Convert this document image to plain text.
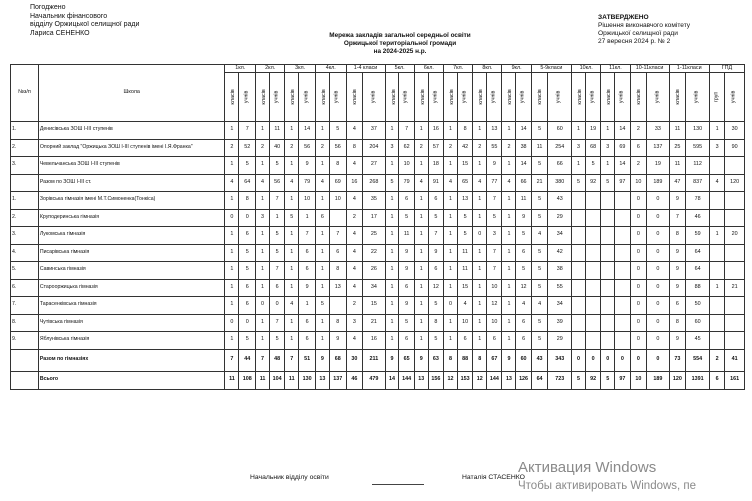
Погоджено
Начальник фінансового
відділу Оржицької селищної ради
Лариса СЕНЕНКО	Мережа закладів загальної середньої освіти
Оржицької територіальної громади
на 2024-2025 н.р.
ЗАТВЕРДЖЕНО
Рішення виконавчого комітету
Оржицької селищної ради
27 вересня 2024 р. № 2
№з/п	Школа	1кл.		2кл.		3кл.		4кл.		1-4 класи		5кл.		6кл.		7кл.		8кл.		9кл.		5-9класи		10кл.		11кл.		10-11класи		1-11класи		ГПД	
		класів	учнів	класів	учнів	класів	учнів	класів	учнів	класів	учнів	класів	учнів	класів	учнів	класів	учнів	класів	учнів	класів	учнів	класів	учнів	класів	учнів	класів	учнів	класів	учнів	класів	учнів	груп	учнів
1.	Денисівська ЗОШ I-III ступенів	1	7	1	11	1	14	1	5	4	37	1	7	1	16	1	8	1	13	1	14	5	60	1	19	1	14	2	33	11	130	1	30
2.	Опорний заклад "Оржицька ЗОШ I-III ступенів імені І.Я.Франка"	2	52	2	40	2	56	2	56	8	204	3	62	2	57	2	42	2	55	2	38	11	254	3	68	3	69	6	137	25	595	3	90
3.	Чевельчанська ЗОШ I-III ступенів	1	5	1	5	1	9	1	8	4	27	1	10	1	18	1	15	1	9	1	14	5	66	1	5	1	14	2	19	11	112		
	Разом по ЗОШ I-III ст.	4	64	4	56	4	79	4	69	16	268	5	79	4	91	4	65	4	77	4	66	21	380	5	92	5	97	10	189	47	837	4	120
1.	Зорівська гімназія імені М.Т.Симоненка(Тонкіса)	1	8	1	7	1	10	1	10	4	35	1	6	1	6	1	13	1	7	1	11	5	43					0	0	9	78		
2.	Круподеринська гімназія	0	0	3	1	5	1	6		2	17	1	5	1	5	1	5	1	5	1	9	5	29					0	0	7	46		
3.	Лукомська гімназія	1	6	1	5	1	7	1	7	4	25	1	11	1	7	1	5	0	3	1	5	4	34					0	0	8	59	1	20
4.	Писарівська гімназія	1	5	1	5	1	6	1	6	4	22	1	9	1	9	1	11	1	7	1	6	5	42					0	0	9	64		
5.	Савинська гімназія	1	5	1	7	1	6	1	8	4	26	1	9	1	6	1	11	1	7	1	5	5	38					0	0	9	64		
6.	Старооржицька гімназія	1	6	1	6	1	9	1	13	4	34	1	6	1	12	1	15	1	10	1	12	5	55					0	0	9	88	1	21
7.	Тарасенківська гімназія	1	6	0	0	4	1	5		2	15	1	9	1	5	0	4	1	12	1	4	4	34					0	0	6	50		
8.	Чутівська гімназія	0	0	1	7	1	6	1	8	3	21	1	5	1	8	1	10	1	10	1	6	5	39					0	0	8	60		
9.	Яблунівська гімназія	1	5	1	5	1	6	1	9	4	16	1	6	1	5	1	6	1	6	1	6	5	29					0	0	9	45		
	Разом по гімназіях	7	44	7	48	7	51	9	68	30	211	9	65	9	63	8	88	8	67	9	60	43	343	0	0	0	0	0	0	73	554	2	41
	Всього	11	108	11	104	11	130	13	137	46	479	14	144	13	156	12	153	12	144	13	126	64	723	5	92	5	97	10	189	120	1391	6	161
Начальник відділу освіти	Наталія СТАСЕНКО
Активация Windows
Чтобы активировать Windows, пе
